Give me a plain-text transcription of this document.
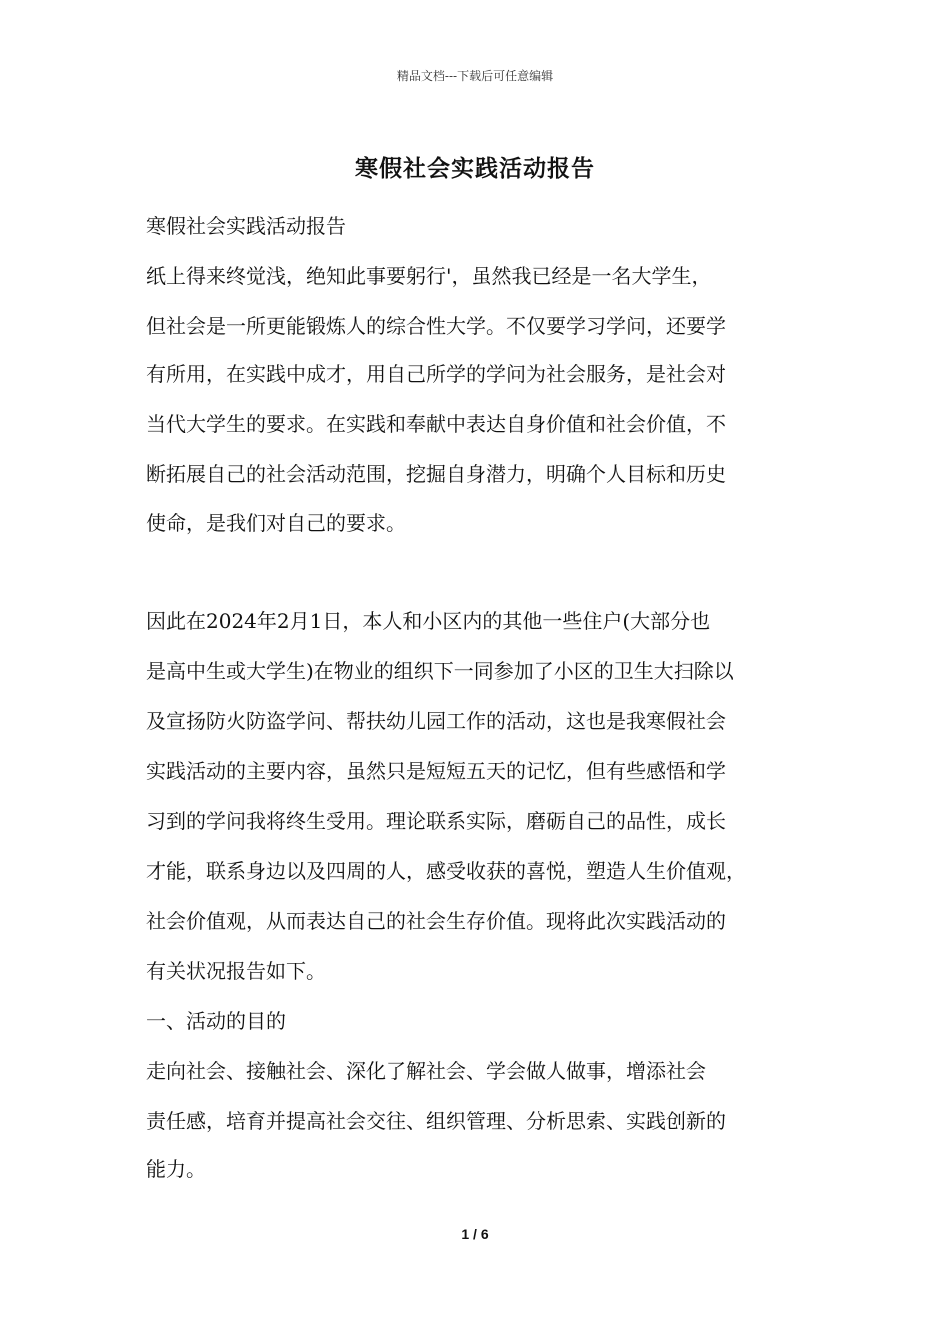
精品文档---下载后可任意编辑
寒假社会实践活动报告
寒假社会实践活动报告
纸上得来终觉浅，绝知此事要躬行'，虽然我已经是一名大学生，
但社会是一所更能锻炼人的综合性大学。不仅要学习学问，还要学
有所用，在实践中成才，用自己所学的学问为社会服务，是社会对
当代大学生的要求。在实践和奉献中表达自身价值和社会价值，不
断拓展自己的社会活动范围，挖掘自身潜力，明确个人目标和历史
使命，是我们对自己的要求。
因此在2024年2月1日，本人和小区内的其他一些住户(大部分也
是高中生或大学生)在物业的组织下一同参加了小区的卫生大扫除以
及宣扬防火防盗学问、帮扶幼儿园工作的活动，这也是我寒假社会
实践活动的主要内容，虽然只是短短五天的记忆，但有些感悟和学
习到的学问我将终生受用。理论联系实际，磨砺自己的品性，成长
才能，联系身边以及四周的人，感受收获的喜悦，塑造人生价值观，
社会价值观，从而表达自己的社会生存价值。现将此次实践活动的
有关状况报告如下。
一、活动的目的
走向社会、接触社会、深化了解社会、学会做人做事，增添社会
责任感，培育并提高社会交往、组织管理、分析思索、实践创新的
能力。
1 / 6
